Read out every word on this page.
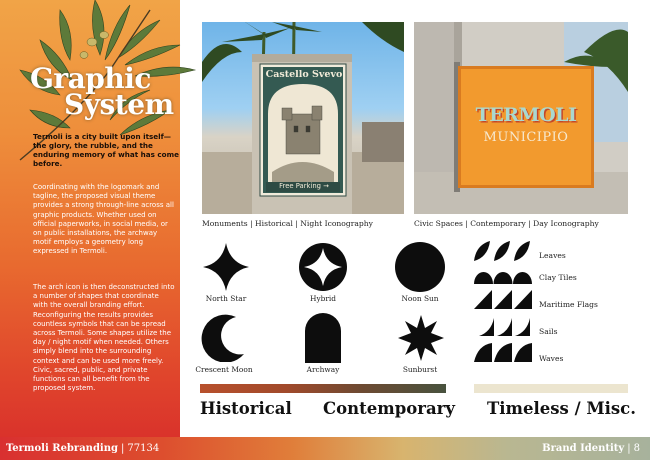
Graphic
System
Termoli is a city built upon itself—the glory, the rubble, and the enduring memory of what has come before.
Coordinating with the logomark and tagline, the proposed visual theme provides a strong through-line across all graphic products. Whether used on official paperworks, in social media, or on public installations, the archway motif employs a geometry long expressed in Termoli.
The arch icon is then deconstructed into a number of shapes that coordinate with the overall branding effort. Reconfiguring the results provides countless symbols that can be spread across Termoli. Some shapes utilize the day / night motif when needed. Others simply blend into the surrounding context and can be used more freely. Civic, sacred, public, and private functions can all benefit from the proposed system.
Castello Svevo
Free Parking →
Monuments | Historical | Night Iconography
TERMOLI
MUNICIPIO
Civic Spaces | Contemporary | Day Iconography
North Star	Hybrid	Noon Sun
Crescent Moon	Archway	Sunburst
Leaves
Clay Tiles
Maritime Flags
Sails
Waves
Historical Contemporary Timeless / Misc.
Termoli Rebranding | 77134	Brand Identity | 8
